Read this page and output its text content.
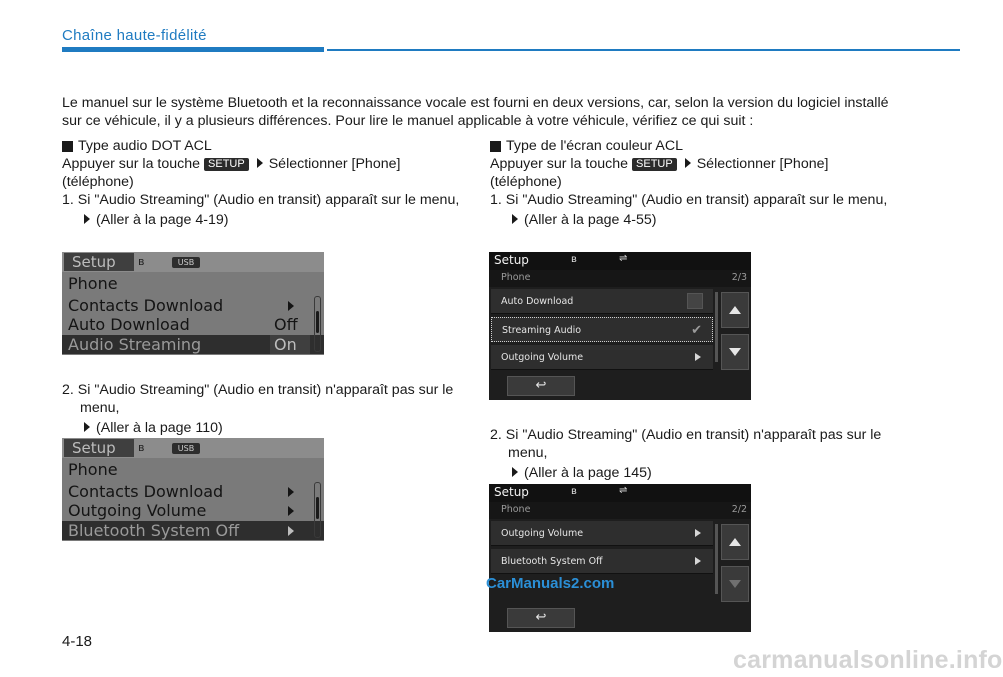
Chaîne haute-fidélité
Le manuel sur le système Bluetooth et la reconnaissance vocale est fourni en deux versions, car, selon la version du logiciel installé sur ce véhicule, il y a plusieurs différences. Pour lire le manuel applicable à votre véhicule, vérifiez ce qui suit :
Type audio DOT ACL
Appuyer sur la touche SETUP Sélectionner [Phone]
(téléphone)
1. Si "Audio Streaming" (Audio en transit) apparaît sur le menu,
(Aller à la page 4-19)
2. Si "Audio Streaming" (Audio en transit) n'apparaît pas sur le menu,
(Aller à la page 110)
Setup	ʙ	USB
Phone
Contacts Download
Auto Download	Off
Audio Streaming	On
Setup	ʙ	USB
Phone
Contacts Download
Outgoing Volume
Bluetooth System Off
Type de l'écran couleur ACL
Appuyer sur la touche SETUP Sélectionner [Phone]
(téléphone)
1. Si "Audio Streaming" (Audio en transit) apparaît sur le menu,
(Aller à la page 4-55)
2. Si "Audio Streaming" (Audio en transit) n'apparaît pas sur le menu,
(Aller à la page 145)
Setup	ʙ	⇌
Phone	2/3
Auto Download
Streaming Audio	✔
Outgoing Volume
↩
Setup	ʙ	⇌
Phone	2/2
Outgoing Volume
Bluetooth System Off
↩
CarManuals2.com
4-18
carmanualsonline.info
